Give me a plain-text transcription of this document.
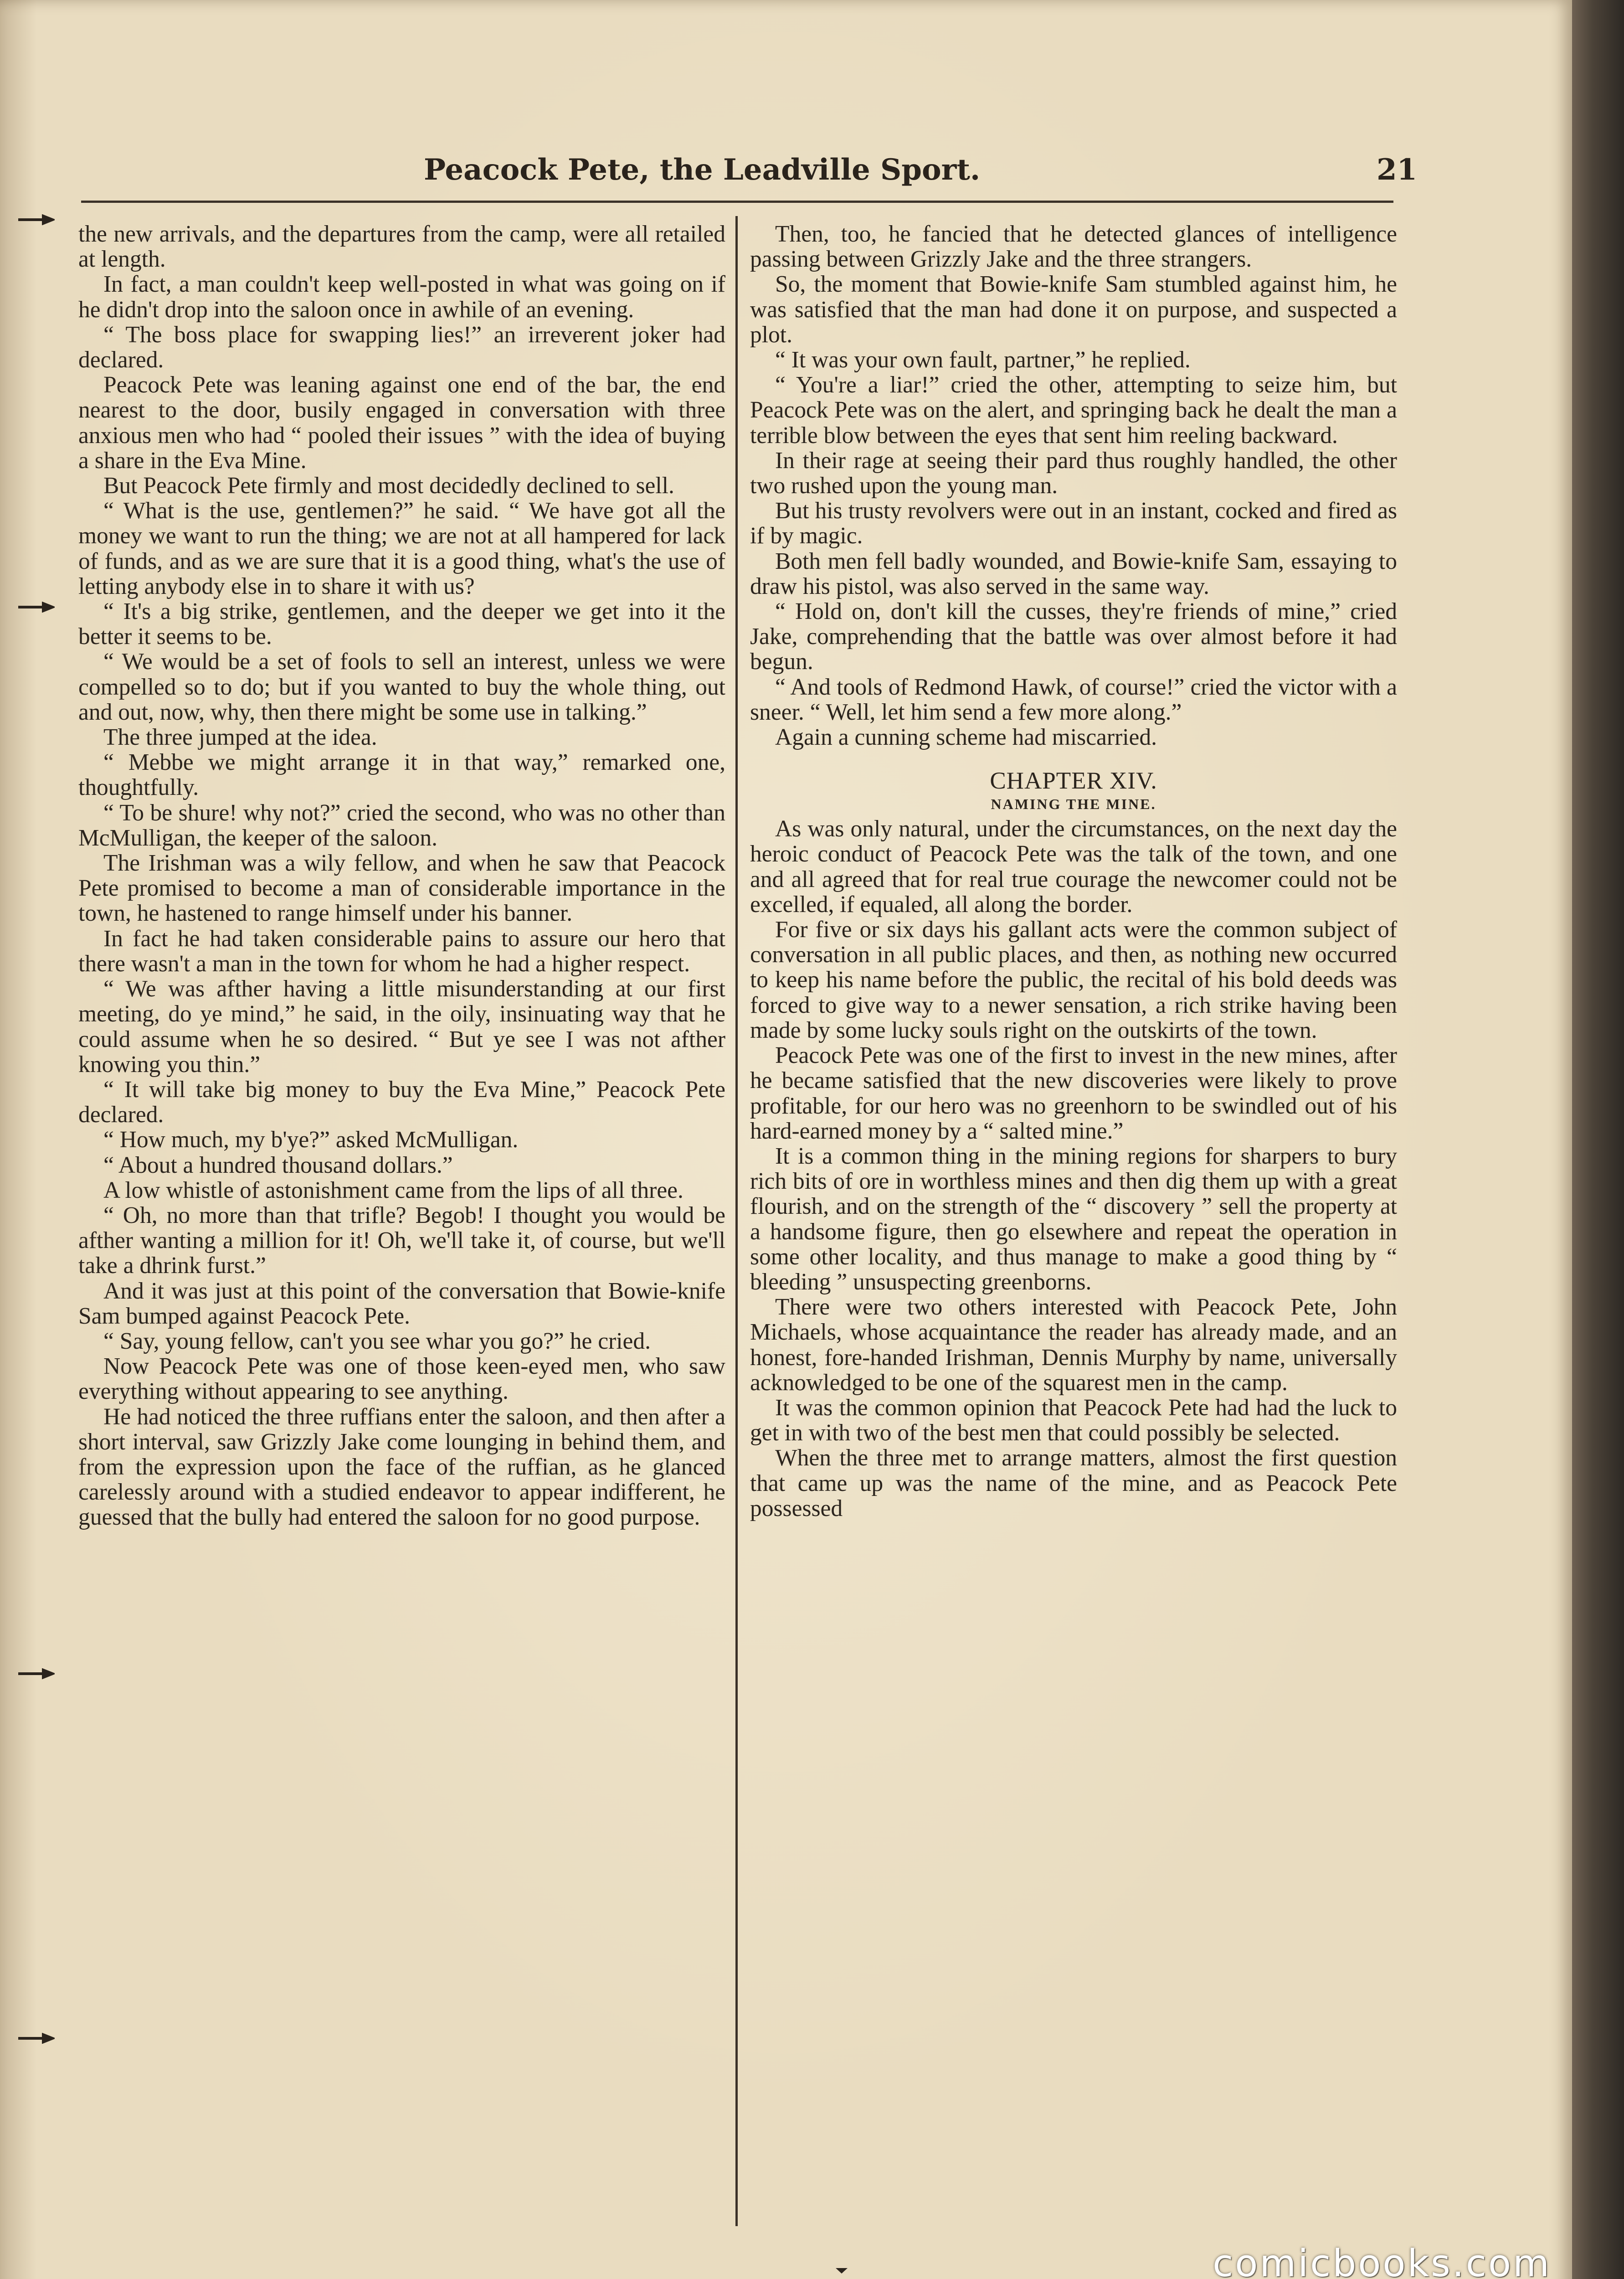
Peacock Pete, the Leadville Sport.	21

the new arrivals, and the departures from the camp, were all retailed at length.

In fact, a man couldn't keep well-posted in what was going on if he didn't drop into the saloon once in awhile of an evening.

“ The boss place for swapping lies!” an irreverent joker had declared.

Peacock Pete was leaning against one end of the bar, the end nearest to the door, busily engaged in conversation with three anxious men who had “ pooled their issues ” with the idea of buying a share in the Eva Mine.

But Peacock Pete firmly and most decidedly declined to sell.

“ What is the use, gentlemen?” he said. “ We have got all the money we want to run the thing; we are not at all hampered for lack of funds, and as we are sure that it is a good thing, what's the use of letting anybody else in to share it with us?

“ It's a big strike, gentlemen, and the deeper we get into it the better it seems to be.

“ We would be a set of fools to sell an interest, unless we were compelled so to do; but if you wanted to buy the whole thing, out and out, now, why, then there might be some use in talking.”

The three jumped at the idea.

“ Mebbe we might arrange it in that way,” remarked one, thoughtfully.

“ To be shure! why not?” cried the second, who was no other than McMulligan, the keeper of the saloon.

The Irishman was a wily fellow, and when he saw that Peacock Pete promised to become a man of considerable importance in the town, he hastened to range himself under his banner.

In fact he had taken considerable pains to assure our hero that there wasn't a man in the town for whom he had a higher respect.

“ We was afther having a little misunderstanding at our first meeting, do ye mind,” he said, in the oily, insinuating way that he could assume when he so desired. “ But ye see I was not afther knowing you thin.”

“ It will take big money to buy the Eva Mine,” Peacock Pete declared.

“ How much, my b'ye?” asked McMulligan.

“ About a hundred thousand dollars.”

A low whistle of astonishment came from the lips of all three.

“ Oh, no more than that trifle? Begob! I thought you would be afther wanting a million for it! Oh, we'll take it, of course, but we'll take a dhrink furst.”

And it was just at this point of the conversation that Bowie-knife Sam bumped against Peacock Pete.

“ Say, young fellow, can't you see whar you go?” he cried.

Now Peacock Pete was one of those keen-eyed men, who saw everything without appearing to see anything.

He had noticed the three ruffians enter the saloon, and then after a short interval, saw Grizzly Jake come lounging in behind them, and from the expression upon the face of the ruffian, as he glanced carelessly around with a studied endeavor to appear indifferent, he guessed that the bully had entered the saloon for no good purpose.

Then, too, he fancied that he detected glances of intelligence passing between Grizzly Jake and the three strangers.

So, the moment that Bowie-knife Sam stumbled against him, he was satisfied that the man had done it on purpose, and suspected a plot.

“ It was your own fault, partner,” he replied.

“ You're a liar!” cried the other, attempting to seize him, but Peacock Pete was on the alert, and springing back he dealt the man a terrible blow between the eyes that sent him reeling backward.

In their rage at seeing their pard thus roughly handled, the other two rushed upon the young man.

But his trusty revolvers were out in an instant, cocked and fired as if by magic.

Both men fell badly wounded, and Bowie-knife Sam, essaying to draw his pistol, was also served in the same way.

“ Hold on, don't kill the cusses, they're friends of mine,” cried Jake, comprehending that the battle was over almost before it had begun.

“ And tools of Redmond Hawk, of course!” cried the victor with a sneer. “ Well, let him send a few more along.”

Again a cunning scheme had miscarried.

CHAPTER XIV.
NAMING THE MINE.

As was only natural, under the circumstances, on the next day the heroic conduct of Peacock Pete was the talk of the town, and one and all agreed that for real true courage the newcomer could not be excelled, if equaled, all along the border.

For five or six days his gallant acts were the common subject of conversation in all public places, and then, as nothing new occurred to keep his name before the public, the recital of his bold deeds was forced to give way to a newer sensation, a rich strike having been made by some lucky souls right on the outskirts of the town.

Peacock Pete was one of the first to invest in the new mines, after he became satisfied that the new discoveries were likely to prove profitable, for our hero was no greenhorn to be swindled out of his hard-earned money by a “ salted mine.”

It is a common thing in the mining regions for sharpers to bury rich bits of ore in worthless mines and then dig them up with a great flourish, and on the strength of the “ discovery ” sell the property at a handsome figure, then go elsewhere and repeat the operation in some other locality, and thus manage to make a good thing by “ bleeding ” unsuspecting greenborns.

There were two others interested with Peacock Pete, John Michaels, whose acquaintance the reader has already made, and an honest, fore-handed Irishman, Dennis Murphy by name, universally acknowledged to be one of the squarest men in the camp.

It was the common opinion that Peacock Pete had had the luck to get in with two of the best men that could possibly be selected.

When the three met to arrange matters, almost the first question that came up was the name of the mine, and as Peacock Pete possessed

comicbooks.com
